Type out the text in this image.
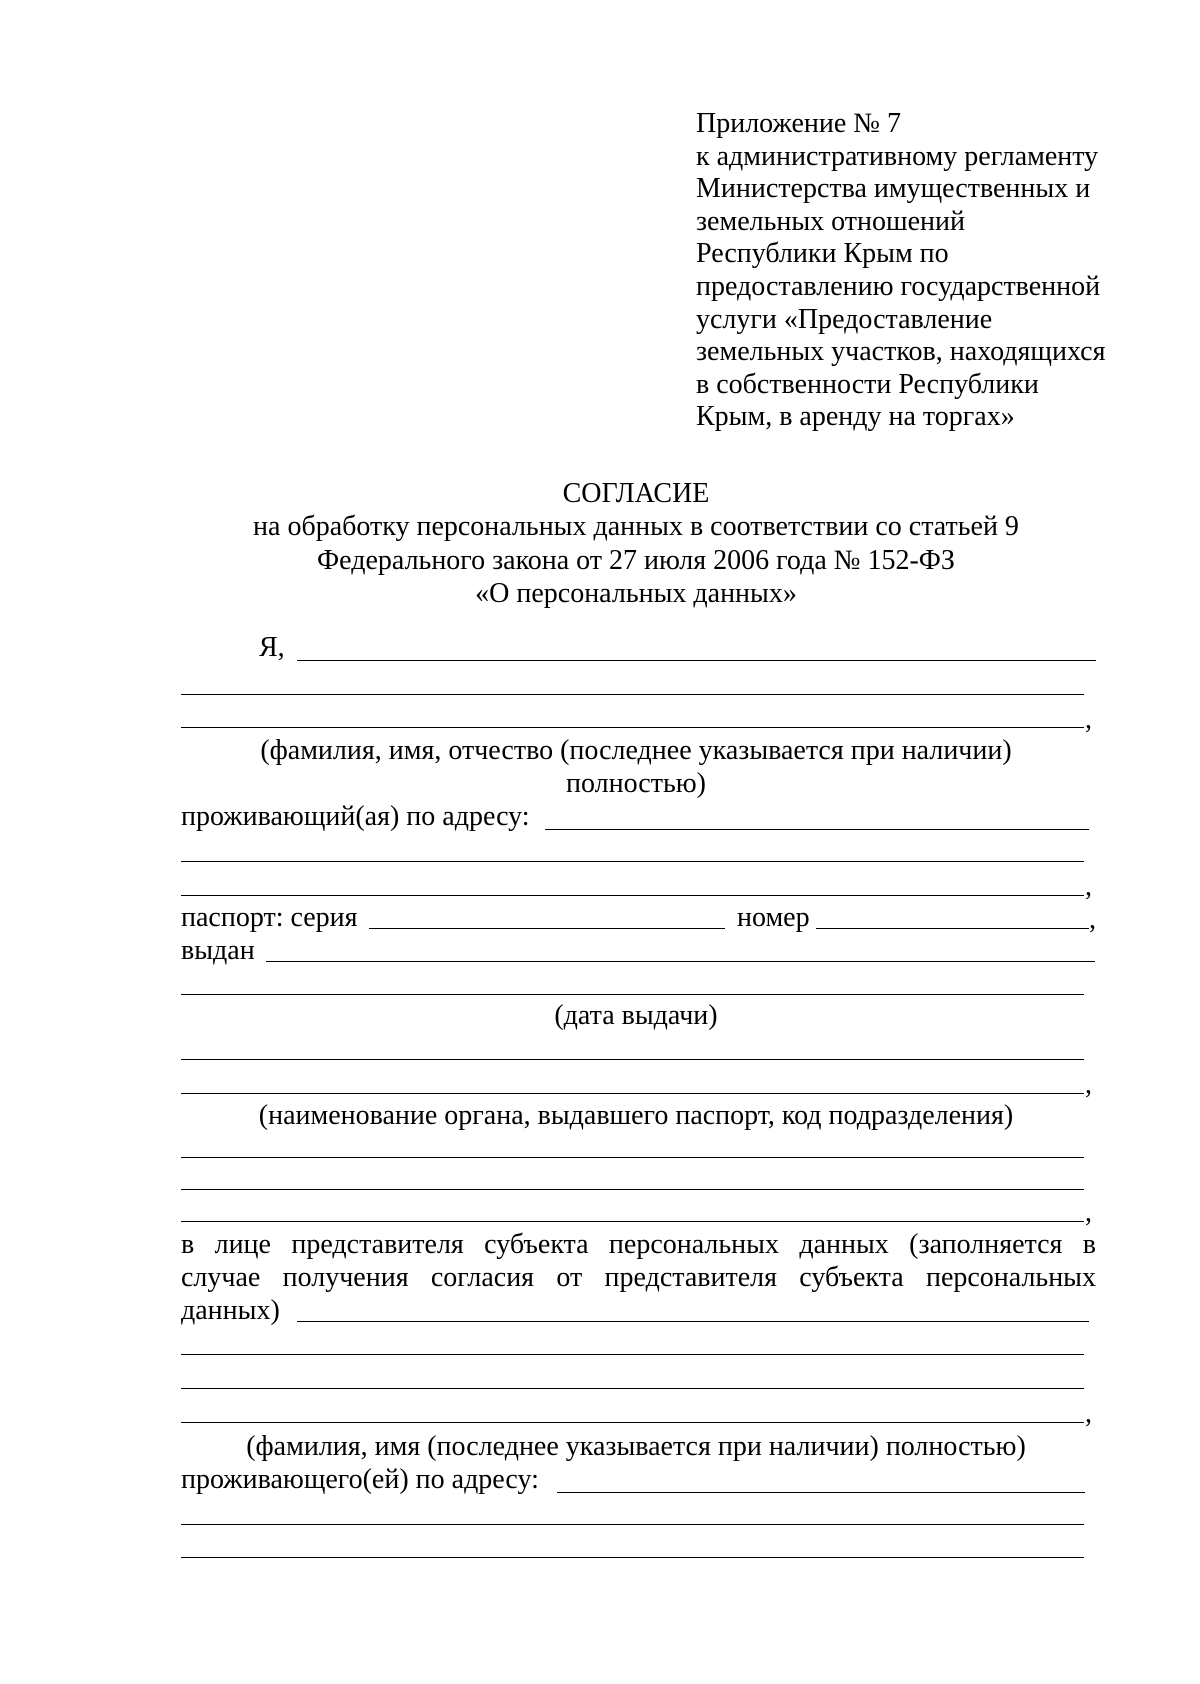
Приложение № 7
к административному регламенту
Министерства имущественных и
земельных отношений
Республики Крым по
предоставлению государственной
услуги «Предоставление
земельных участков, находящихся
в собственности Республики
Крым, в аренду на торгах»
СОГЛАСИЕ
на обработку персональных данных в соответствии со статьей 9
Федерального закона от 27 июля 2006 года № 152-ФЗ
«О персональных данных»
Я,
,
(фамилия, имя, отчество (последнее указывается при наличии)
полностью)
проживающий(ая) по адресу:
,
паспорт: серия	номер	,
выдан
(дата выдачи)
,
(наименование органа, выдавшего паспорт, код подразделения)
,
в лице представителя субъекта персональных данных (заполняется в
случае получения согласия от представителя субъекта персональных
данных)
,
(фамилия, имя (последнее указывается при наличии) полностью)
проживающего(ей) по адресу:
